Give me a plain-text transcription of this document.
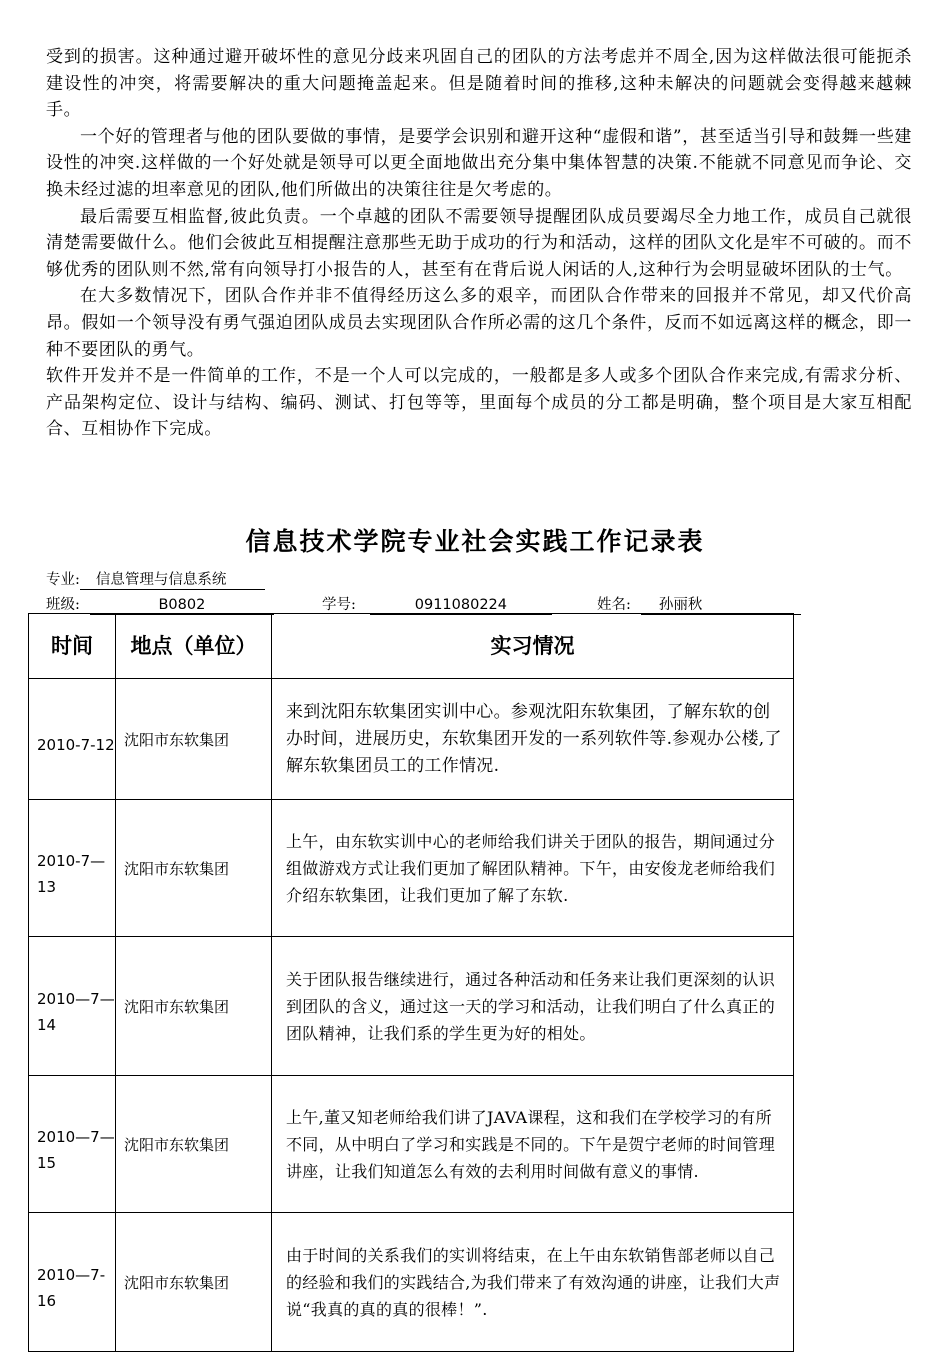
受到的损害。这种通过避开破坏性的意见分歧来巩固自己的团队的方法考虑并不周全,因为这样做法很可能扼杀建设性的冲突，将需要解决的重大问题掩盖起来。但是随着时间的推移,这种未解决的问题就会变得越来越棘手。

一个好的管理者与他的团队要做的事情，是要学会识别和避开这种“虚假和谐”，甚至适当引导和鼓舞一些建设性的冲突.这样做的一个好处就是领导可以更全面地做出充分集中集体智慧的决策.不能就不同意见而争论、交换未经过滤的坦率意见的团队,他们所做出的决策往往是欠考虑的。

最后需要互相监督,彼此负责。一个卓越的团队不需要领导提醒团队成员要竭尽全力地工作，成员自己就很清楚需要做什么。他们会彼此互相提醒注意那些无助于成功的行为和活动，这样的团队文化是牢不可破的。而不够优秀的团队则不然,常有向领导打小报告的人，甚至有在背后说人闲话的人,这种行为会明显破坏团队的士气。

在大多数情况下，团队合作并非不值得经历这么多的艰辛，而团队合作带来的回报并不常见，却又代价高昂。假如一个领导没有勇气强迫团队成员去实现团队合作所必需的这几个条件，反而不如远离这样的概念，即一种不要团队的勇气。

软件开发并不是一件简单的工作，不是一个人可以完成的，一般都是多人或多个团队合作来完成,有需求分析、产品架构定位、设计与结构、编码、测试、打包等等，里面每个成员的分工都是明确，整个项目是大家互相配合、互相协作下完成。

信息技术学院专业社会实践工作记录表
专业: 信息管理与信息系统
班级:	B0802	学号:	0911080224	姓名: 孙丽秋
时间	地点（单位）	实习情况
2010-7-12	沈阳市东软集团	来到沈阳东软集团实训中心。参观沈阳东软集团，了解东软的创办时间，进展历史，东软集团开发的一系列软件等.参观办公楼,了解东软集团员工的工作情况.
2010-7—13	沈阳市东软集团	上午，由东软实训中心的老师给我们讲关于团队的报告，期间通过分组做游戏方式让我们更加了解团队精神。下午，由安俊龙老师给我们介绍东软集团，让我们更加了解了东软.
2010—7—14	沈阳市东软集团	关于团队报告继续进行，通过各种活动和任务来让我们更深刻的认识到团队的含义，通过这一天的学习和活动，让我们明白了什么真正的团队精神，让我们系的学生更为好的相处。
2010—7—15	沈阳市东软集团	上午,董又知老师给我们讲了JAVA课程，这和我们在学校学习的有所不同，从中明白了学习和实践是不同的。下午是贺宁老师的时间管理讲座，让我们知道怎么有效的去利用时间做有意义的事情.
2010—7-16	沈阳市东软集团	由于时间的关系我们的实训将结束，在上午由东软销售部老师以自己的经验和我们的实践结合,为我们带来了有效沟通的讲座，让我们大声说“我真的真的真的很棒！”.
